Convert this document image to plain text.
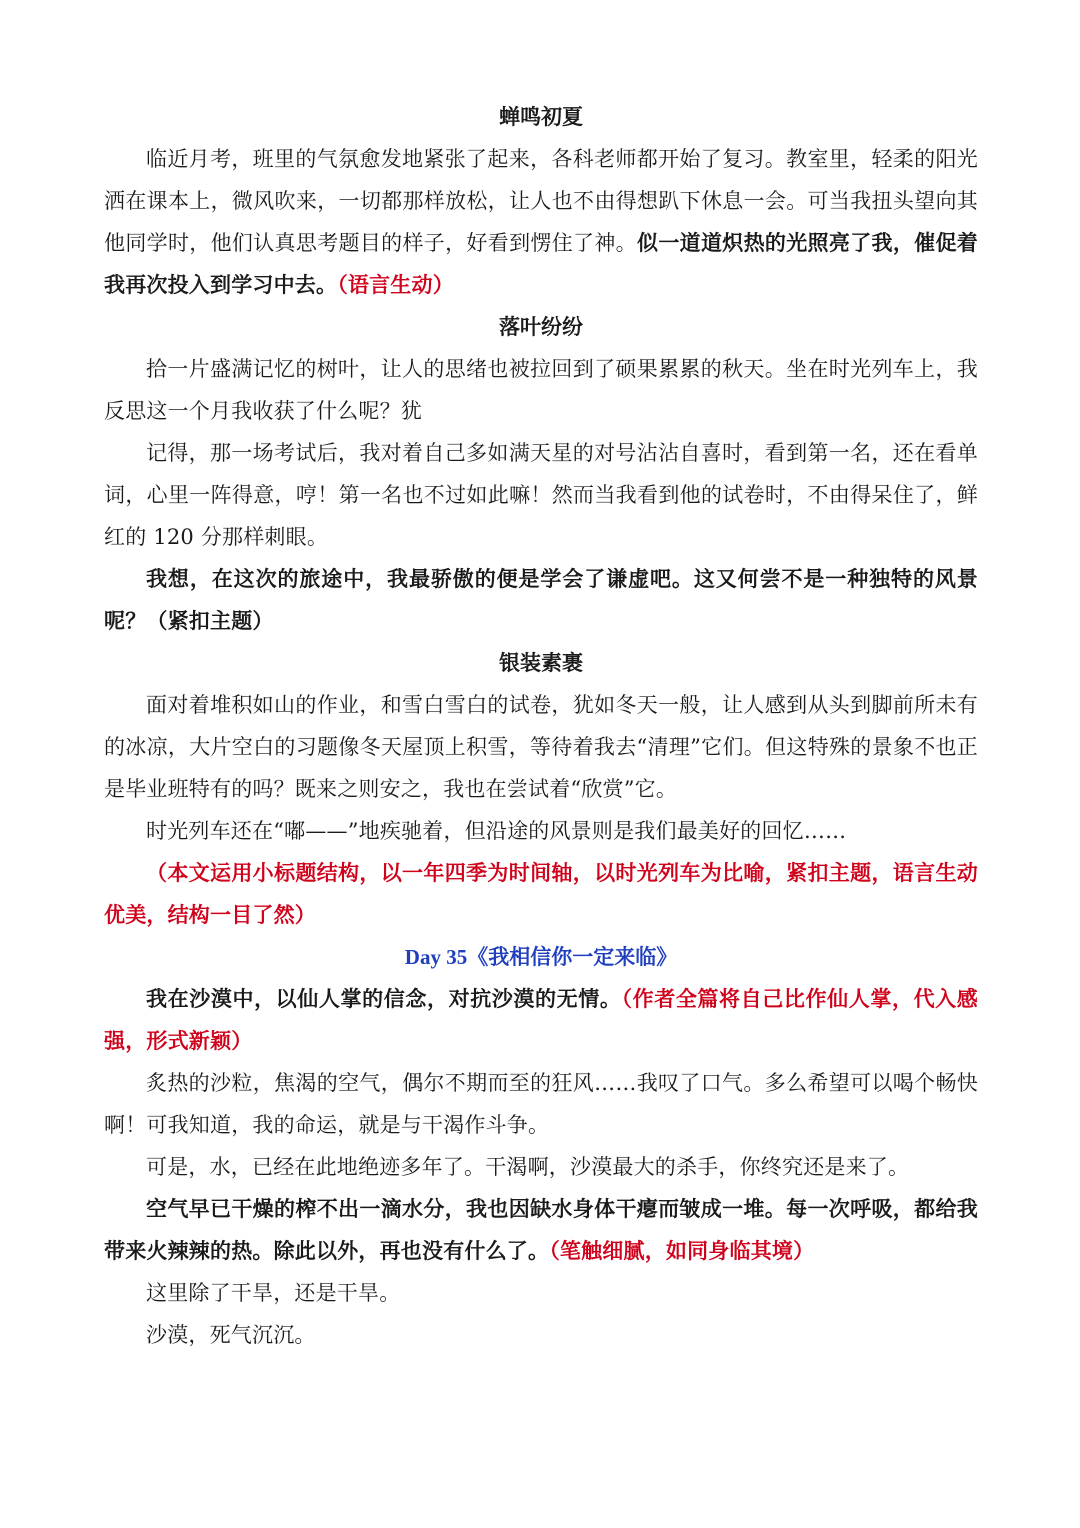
蝉鸣初夏

临近月考，班里的气氛愈发地紧张了起来，各科老师都开始了复习。教室里，轻柔的阳光洒在课本上，微风吹来，一切都那样放松，让人也不由得想趴下休息一会。可当我扭头望向其他同学时，他们认真思考题目的样子，好看到愣住了神。似一道道炽热的光照亮了我，催促着我再次投入到学习中去。（语言生动）

落叶纷纷

拾一片盛满记忆的树叶，让人的思绪也被拉回到了硕果累累的秋天。坐在时光列车上，我反思这一个月我收获了什么呢？犹

记得，那一场考试后，我对着自己多如满天星的对号沾沾自喜时，看到第一名，还在看单词，心里一阵得意，哼！第一名也不过如此嘛！然而当我看到他的试卷时，不由得呆住了，鲜红的 120 分那样刺眼。

我想，在这次的旅途中，我最骄傲的便是学会了谦虚吧。这又何尝不是一种独特的风景呢？（紧扣主题）

银装素裹

面对着堆积如山的作业，和雪白雪白的试卷，犹如冬天一般，让人感到从头到脚前所未有的冰凉，大片空白的习题像冬天屋顶上积雪，等待着我去“清理”它们。但这特殊的景象不也正是毕业班特有的吗？既来之则安之，我也在尝试着“欣赏”它。

时光列车还在“嘟——”地疾驰着，但沿途的风景则是我们最美好的回忆……

（本文运用小标题结构，以一年四季为时间轴，以时光列车为比喻，紧扣主题，语言生动优美，结构一目了然）

Day 35《我相信你一定来临》

我在沙漠中，以仙人掌的信念，对抗沙漠的无情。（作者全篇将自己比作仙人掌，代入感强，形式新颖）

炙热的沙粒，焦渴的空气，偶尔不期而至的狂风……我叹了口气。多么希望可以喝个畅快啊！可我知道，我的命运，就是与干渴作斗争。

可是，水，已经在此地绝迹多年了。干渴啊，沙漠最大的杀手，你终究还是来了。

空气早已干燥的榨不出一滴水分，我也因缺水身体干瘪而皱成一堆。每一次呼吸，都给我带来火辣辣的热。除此以外，再也没有什么了。（笔触细腻，如同身临其境）

这里除了干旱，还是干旱。

沙漠，死气沉沉。
